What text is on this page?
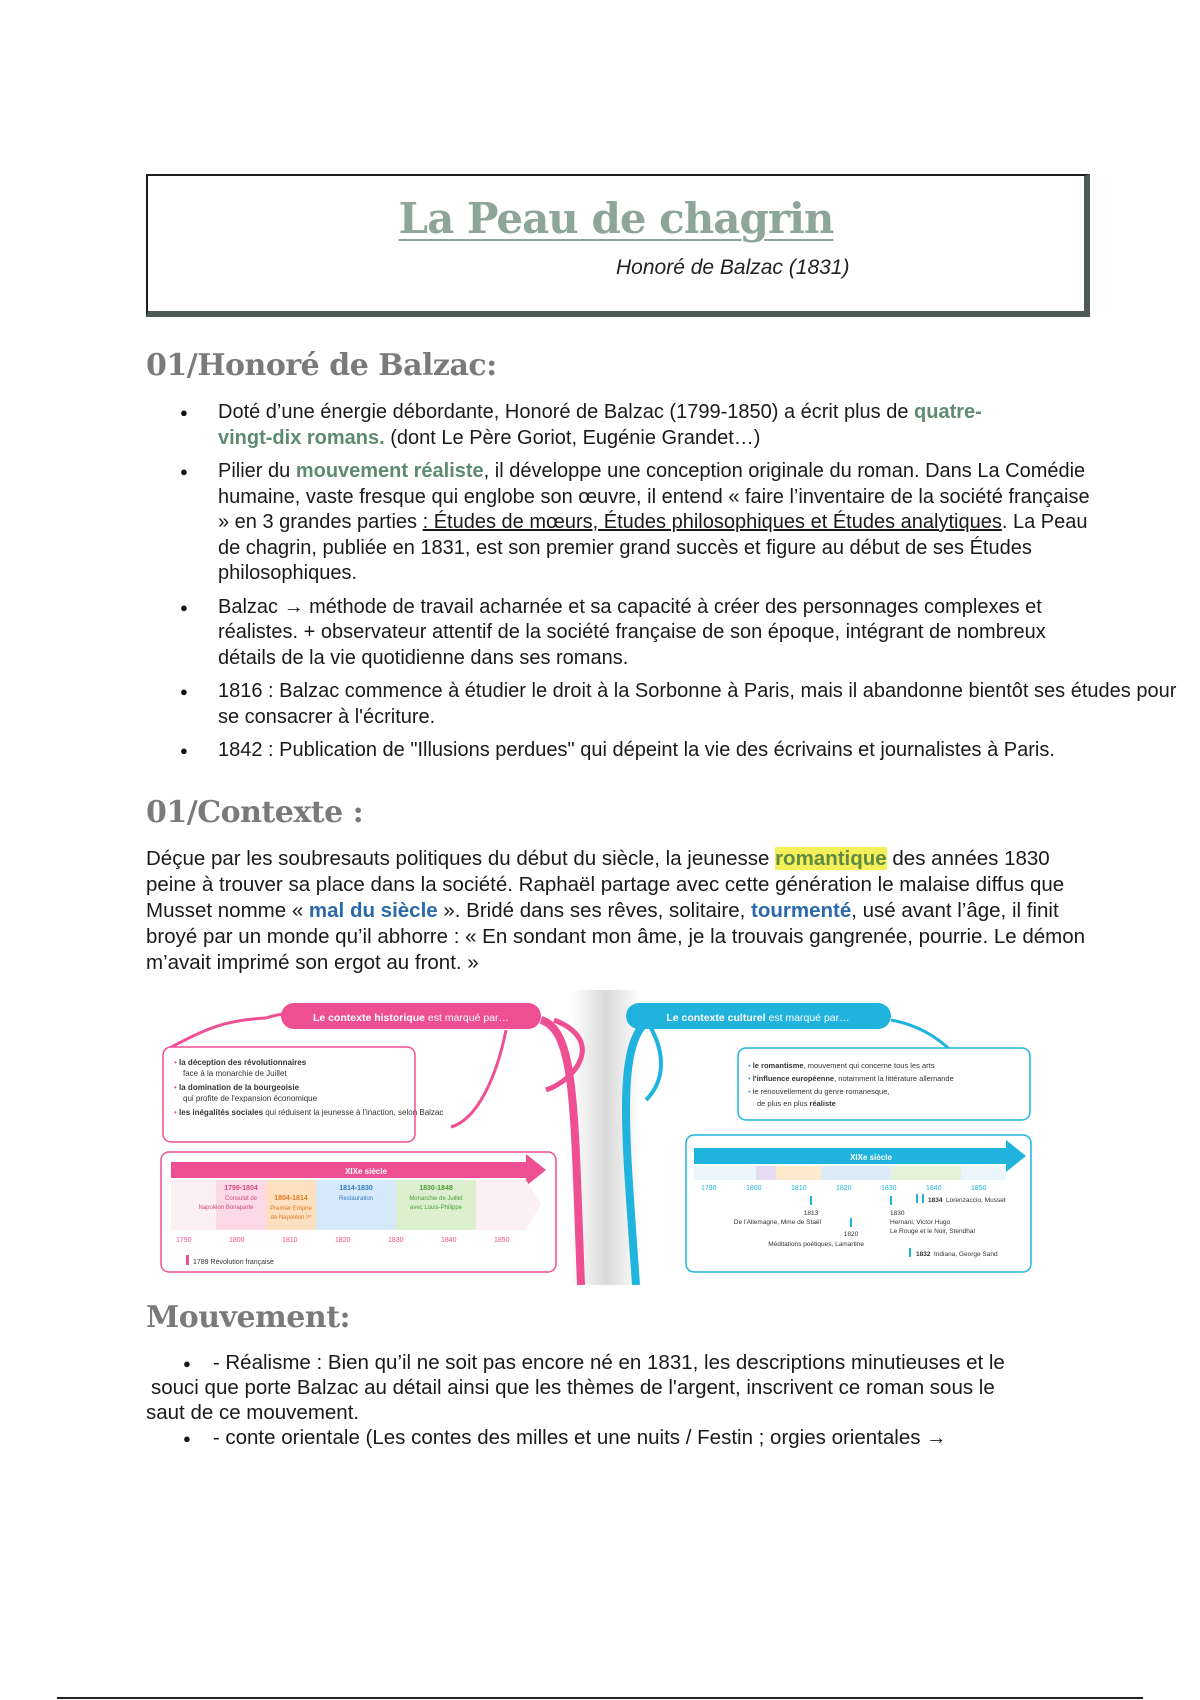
La Peau de chagrin
Honoré de Balzac (1831)
01/Honoré de Balzac:
● Doté d’une énergie débordante, Honoré de Balzac (1799-1850) a écrit plus de quatre-vingt-dix romans. (dont Le Père Goriot, Eugénie Grandet…)
● Pilier du mouvement réaliste, il développe une conception originale du roman. Dans La Comédie humaine, vaste fresque qui englobe son œuvre, il entend « faire l’inventaire de la société française » en 3 grandes parties : Études de mœurs, Études philosophiques et Études analytiques. La Peau de chagrin, publiée en 1831, est son premier grand succès et figure au début de ses Études philosophiques.
● Balzac → méthode de travail acharnée et sa capacité à créer des personnages complexes et réalistes. + observateur attentif de la société française de son époque, intégrant de nombreux détails de la vie quotidienne dans ses romans.
● 1816 : Balzac commence à étudier le droit à la Sorbonne à Paris, mais il abandonne bientôt ses études pour se consacrer à l'écriture.
● 1842 : Publication de "Illusions perdues" qui dépeint la vie des écrivains et journalistes à Paris.
01/Contexte :

Déçue par les soubresauts politiques du début du siècle, la jeunesse romantique des années 1830 peine à trouver sa place dans la société. Raphaël partage avec cette génération le malaise diffus que Musset nomme « mal du siècle ». Bridé dans ses rêves, solitaire, tourmenté, usé avant l’âge, il finit broyé par un monde qu’il abhorre : « En sondant mon âme, je la trouvais gangrenée, pourrie. Le démon m’avait imprimé son ergot au front. »

Le contexte historique est marqué par…
• la déception des révolutionnaires
face à la monarchie de Juillet
• la domination de la bourgeoisie
qui profite de l'expansion économique
• les inégalités sociales qui réduisent la jeunesse à l'inaction, selon Balzac
XIXe siècle
1799-1804
Consulat de
Napoléon Bonaparte
1804-1814
Premier Empire
de Napoléon Iᵉʳ
1814-1830
Restauration
1830-1848
Monarchie de Juillet
avec Louis-Philippe
1790	1800	1810	1820	1830	1840	1850
1789 Révolution française
Le contexte culturel est marqué par…
• le romantisme, mouvement qui concerne tous les arts
• l'influence européenne, notamment la littérature allemande
• le renouvellement du genre romanesque,
de plus en plus réaliste
XIXe siècle
1790	1800	1810	1820	1830	1840	1850
1813
De l'Allemagne, Mme de Staël
1820
Méditations poétiques, Lamartine
1830
Hernani, Victor Hugo
Le Rouge et le Noir, Stendhal
1834 Lorenzaccio, Musset
1832 Indiana, George Sand
Mouvement:
● - Réalisme : Bien qu’il ne soit pas encore né en 1831, les descriptions minutieuses et le
souci que porte Balzac au détail ainsi que les thèmes de l'argent, inscrivent ce roman sous le
saut de ce mouvement.
● - conte orientale (Les contes des milles et une nuits / Festin ; orgies orientales →
